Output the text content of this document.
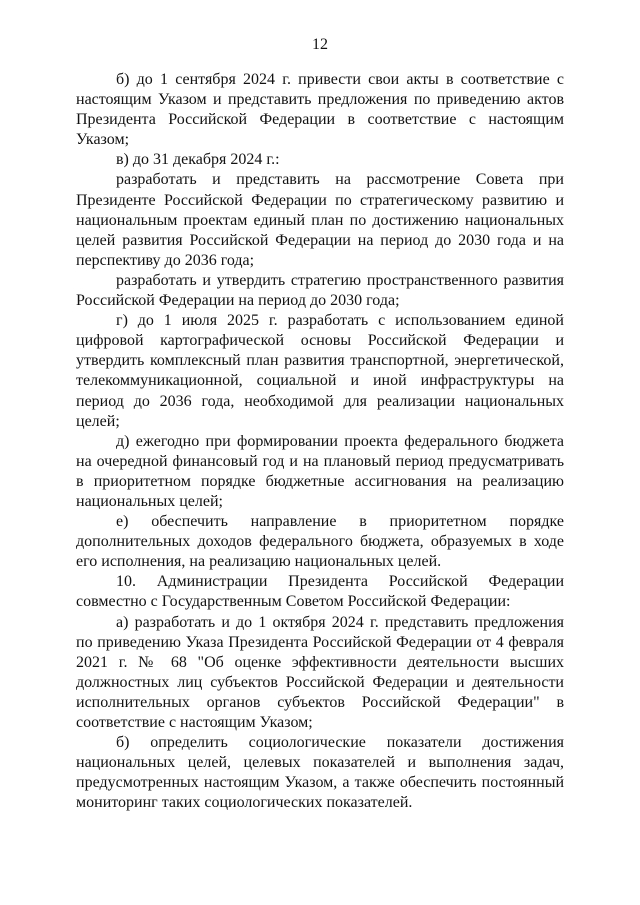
12

б) до 1 сентября 2024 г. привести свои акты в соответствие с настоящим Указом и представить предложения по приведению актов Президента Российской Федерации в соответствие с настоящим Указом;

в) до 31 декабря 2024 г.:

разработать и представить на рассмотрение Совета при Президенте Российской Федерации по стратегическому развитию и национальным проектам единый план по достижению национальных целей развития Российской Федерации на период до 2030 года и на перспективу до 2036 года;

разработать и утвердить стратегию пространственного развития Российской Федерации на период до 2030 года;

г) до 1 июля 2025 г. разработать с использованием единой цифровой картографической основы Российской Федерации и утвердить комплексный план развития транспортной, энергетической, телекоммуникационной, социальной и иной инфраструктуры на период до 2036 года, необходимой для реализации национальных целей;

д) ежегодно при формировании проекта федерального бюджета на очередной финансовый год и на плановый период предусматривать в приоритетном порядке бюджетные ассигнования на реализацию национальных целей;

е) обеспечить направление в приоритетном порядке дополнительных доходов федерального бюджета, образуемых в ходе его исполнения, на реализацию национальных целей.

10. Администрации Президента Российской Федерации совместно с Государственным Советом Российской Федерации:

а) разработать и до 1 октября 2024 г. представить предложения по приведению Указа Президента Российской Федерации от 4 февраля 2021 г. № 68 "Об оценке эффективности деятельности высших должностных лиц субъектов Российской Федерации и деятельности исполнительных органов субъектов Российской Федерации" в соответствие с настоящим Указом;

б) определить социологические показатели достижения национальных целей, целевых показателей и выполнения задач, предусмотренных настоящим Указом, а также обеспечить постоянный мониторинг таких социологических показателей.
